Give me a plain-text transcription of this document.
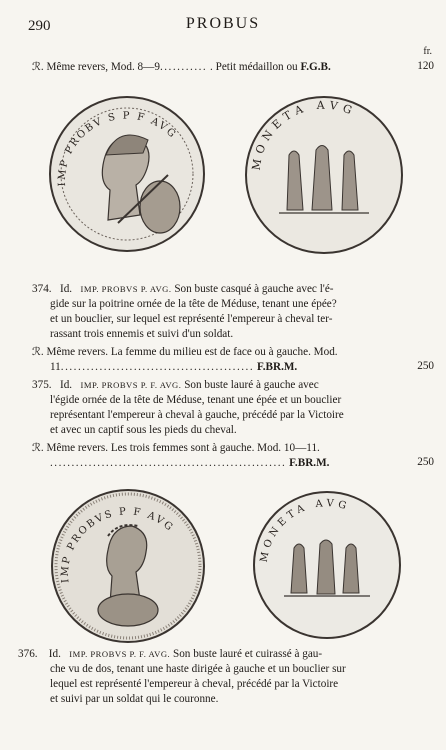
290	PROBUS
fr.
ℛ. Même revers, Mod. 8—9........... . Petit médaillon ou F.G.B.	120
IMP PROBV S P F AVG
MONETA AVG
374. Id. IMP. PROBVS P. AVG. Son buste casqué à gauche avec l'é-
gide sur la poitrine ornée de la tête de Méduse, tenant une épée?
et un bouclier, sur lequel est représenté l'empereur à cheval ter-
rassant trois ennemis et suivi d'un soldat.
ℛ. Même revers. La femme du milieu est de face ou à gauche. Mod.
11............................................. F.BR.M.	250
375. Id. IMP. PROBVS P. F. AVG. Son buste lauré à gauche avec
l'égide ornée de la tête de Méduse, tenant une épée et un bouclier
représentant l'empereur à cheval à gauche, précédé par la Victoire
et avec un captif sous les pieds du cheval.
ℛ. Même revers. Les trois femmes sont à gauche. Mod. 10—11.
....................................................... F.BR.M.	250
IMP PROBVS P F AVG
MONETA AVG
376. Id. IMP. PROBVS P. F. AVG. Son buste lauré et cuirassé à gau-
che vu de dos, tenant une haste dirigée à gauche et un bouclier sur
lequel est représenté l'empereur à cheval, précédé par la Victoire
et suivi par un soldat qui le couronne.
